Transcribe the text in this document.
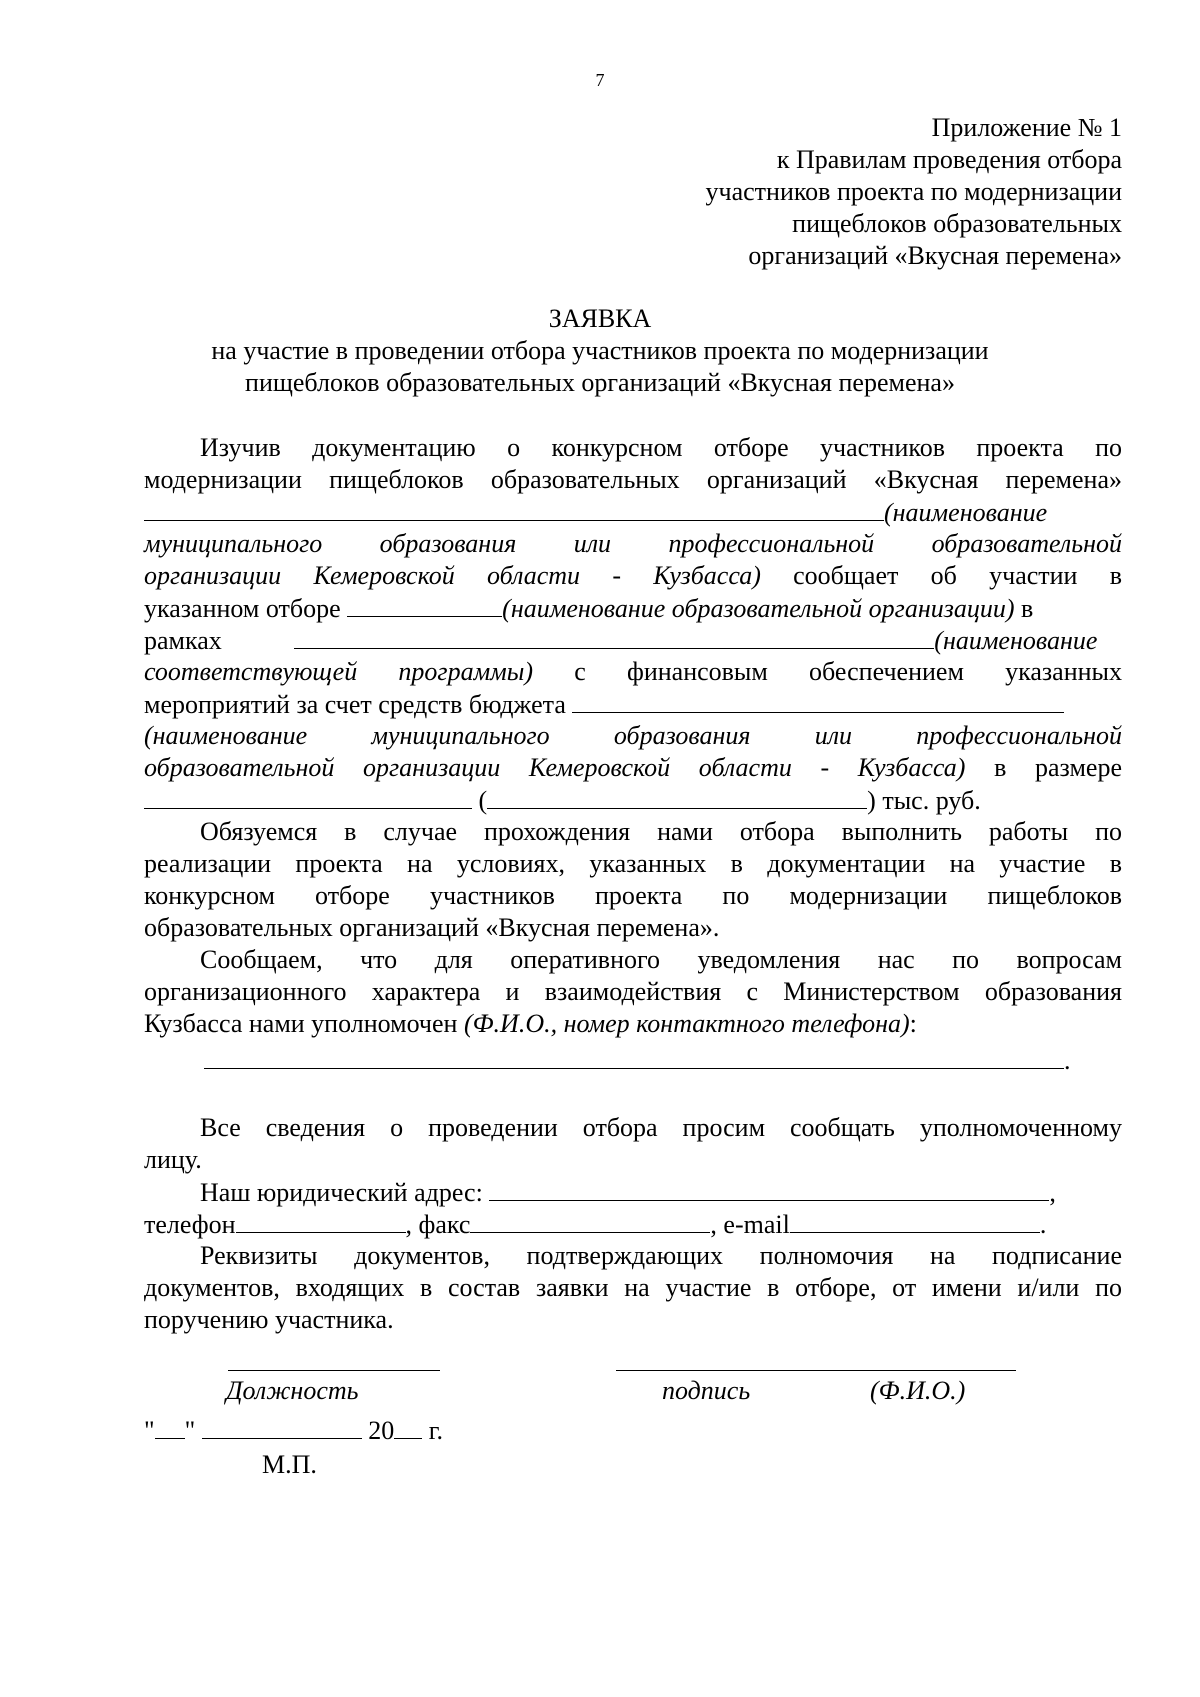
7
Приложение № 1
к Правилам проведения отбора
участников проекта по модернизации
пищеблоков образовательных
организаций «Вкусная перемена»
ЗАЯВКА
на участие в проведении отбора участников проекта по модернизации
пищеблоков образовательных организаций «Вкусная перемена»
Изучив документацию о конкурсном отборе участников проекта по
модернизации пищеблоков образовательных организаций «Вкусная перемена»
(наименование
муниципального образования или профессиональной образовательной
организации Кемеровской области - Кузбасса) сообщает об участии в
указанном отборе	(наименование образовательной организации) в
рамках	(наименование
соответствующей программы) с финансовым обеспечением указанных
мероприятий за счет средств бюджета
(наименование муниципального образования или профессиональной
образовательной организации Кемеровской области - Кузбасса) в размере
(	) тыс. руб.
Обязуемся в случае прохождения нами отбора выполнить работы по
реализации проекта на условиях, указанных в документации на участие в
конкурсном отборе участников проекта по модернизации пищеблоков
образовательных организаций «Вкусная перемена».
Сообщаем, что для оперативного уведомления нас по вопросам
организационного характера и взаимодействия с Министерством образования
Кузбасса нами уполномочен (Ф.И.О., номер контактного телефона):
.
Все сведения о проведении отбора просим сообщать уполномоченному
лицу.
Наш юридический адрес:	,
телефон	, факс	, e-mail	.
Реквизиты документов, подтверждающих полномочия на подписание
документов, входящих в состав заявки на участие в отборе, от имени и/или по
поручению участника.
Должность	подпись	(Ф.И.О.)
" "	20 г.
М.П.
